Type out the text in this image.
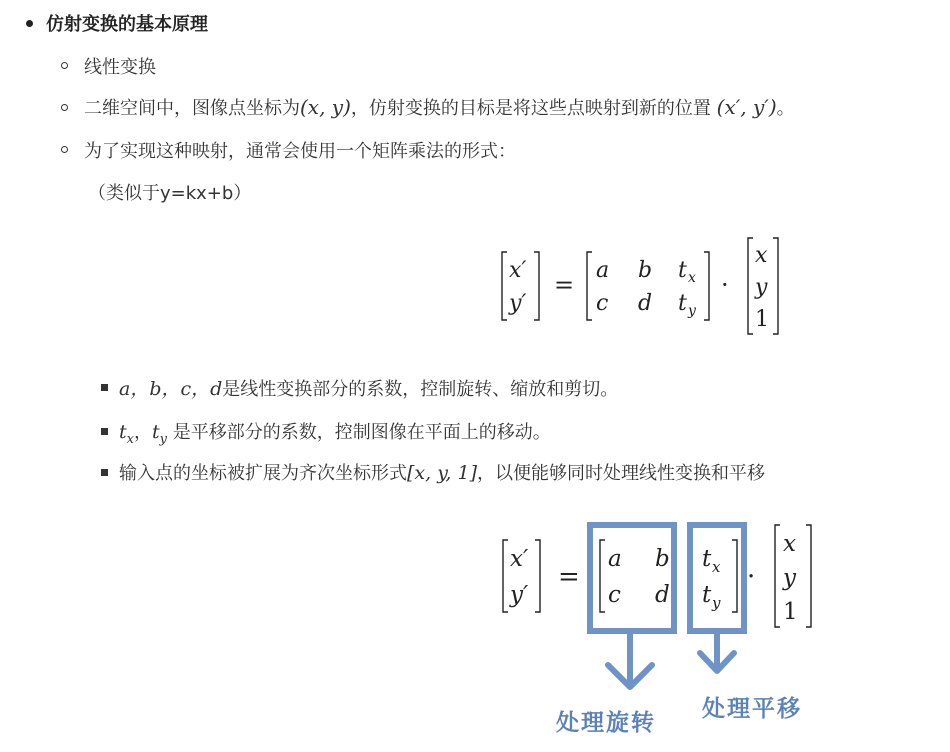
仿射变换的基本原理
线性变换
二维空间中，图像点坐标为(x, y)，仿射变换的目标是将这些点映射到新的位置 (x′, y′)。
为了实现这种映射，通常会使用一个矩阵乘法的形式：
（类似于y=kx+b）
x′
y′
=
a b t x
c d t y
·
x
y
1
a，b，c，d是线性变换部分的系数，控制旋转、缩放和剪切。
$t_x$，$t_y$ 是平移部分的系数，控制图像在平面上的移动。
输入点的坐标被扩展为齐次坐标形式[x, y, 1]，以便能够同时处理线性变换和平移
x′
y′
=
a b
c d
t x
t y
·
x
y
1
处理旋转
处理平移
